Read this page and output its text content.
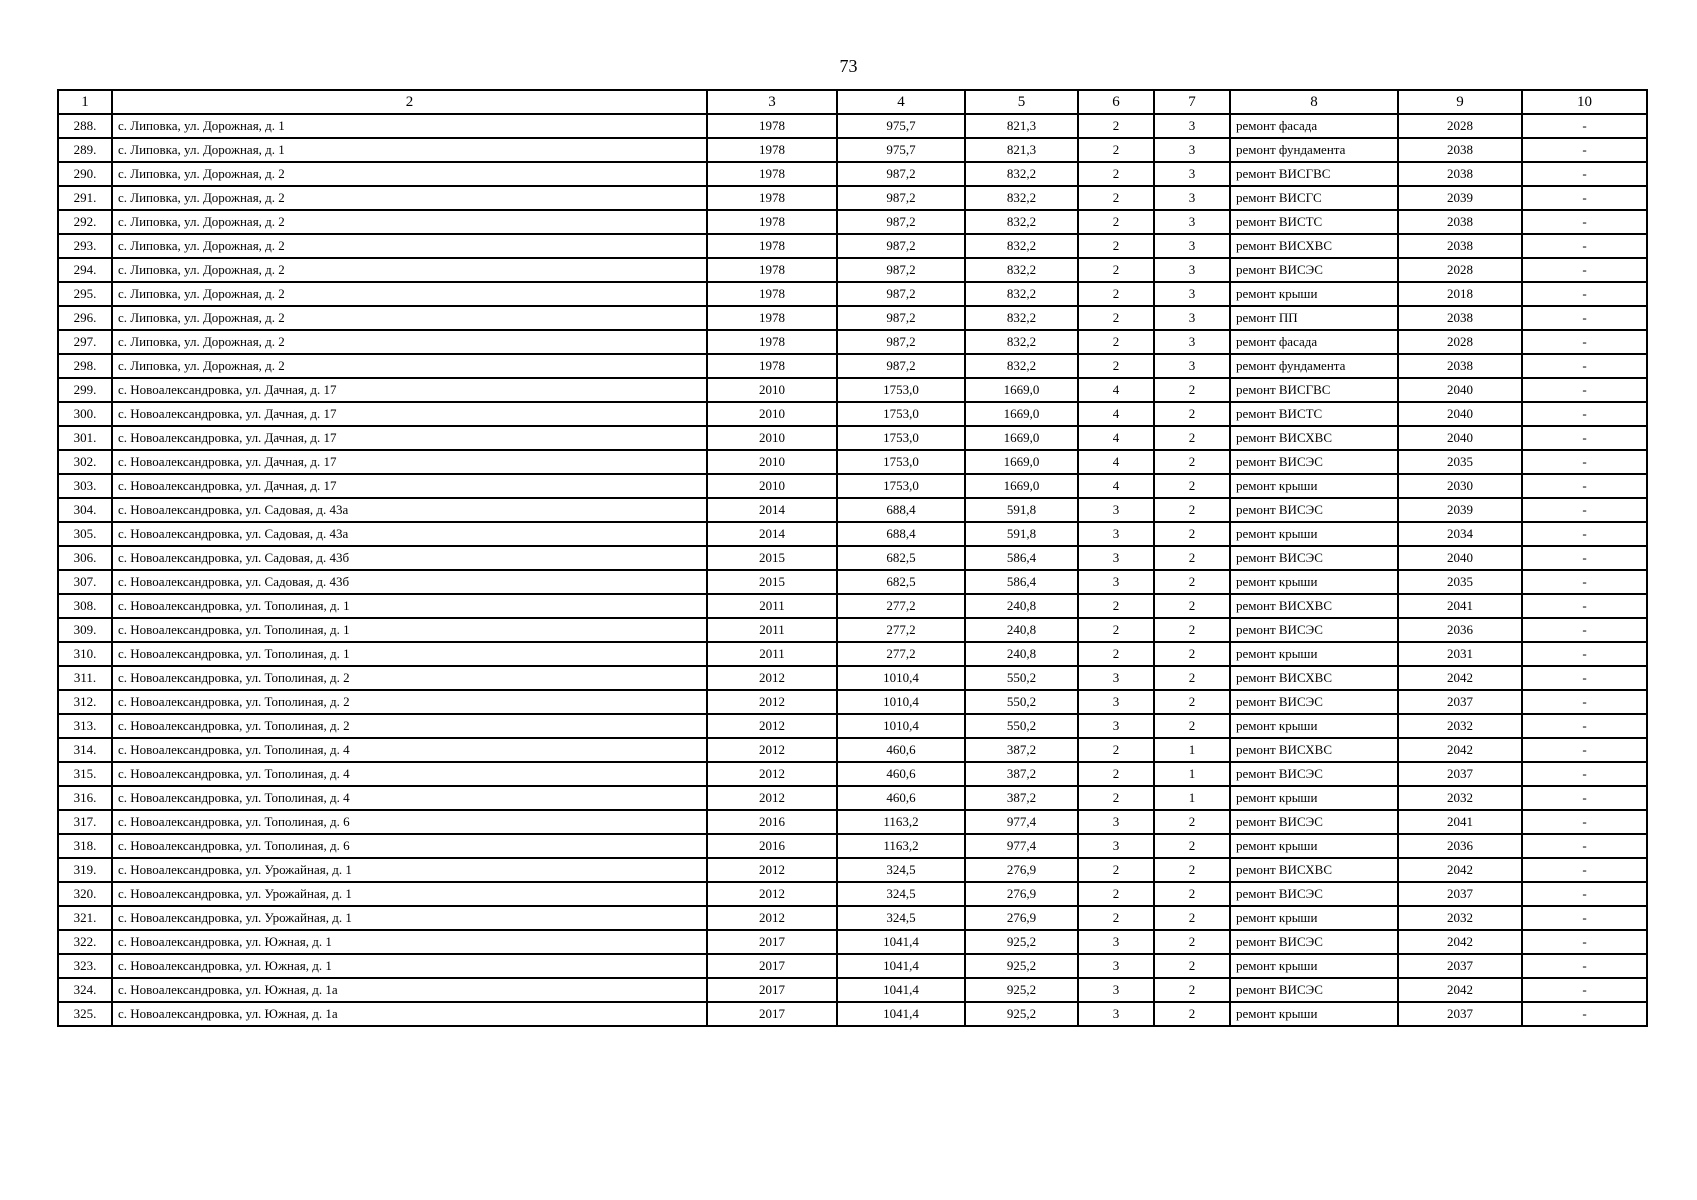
73
1	2	3	4	5	6	7	8	9	10
288.	с. Липовка, ул. Дорожная, д. 1	1978	975,7	821,3	2	3	ремонт фасада	2028	-
289.	с. Липовка, ул. Дорожная, д. 1	1978	975,7	821,3	2	3	ремонт фундамента	2038	-
290.	с. Липовка, ул. Дорожная, д. 2	1978	987,2	832,2	2	3	ремонт ВИСГВС	2038	-
291.	с. Липовка, ул. Дорожная, д. 2	1978	987,2	832,2	2	3	ремонт ВИСГС	2039	-
292.	с. Липовка, ул. Дорожная, д. 2	1978	987,2	832,2	2	3	ремонт ВИСТС	2038	-
293.	с. Липовка, ул. Дорожная, д. 2	1978	987,2	832,2	2	3	ремонт ВИСХВС	2038	-
294.	с. Липовка, ул. Дорожная, д. 2	1978	987,2	832,2	2	3	ремонт ВИСЭС	2028	-
295.	с. Липовка, ул. Дорожная, д. 2	1978	987,2	832,2	2	3	ремонт крыши	2018	-
296.	с. Липовка, ул. Дорожная, д. 2	1978	987,2	832,2	2	3	ремонт ПП	2038	-
297.	с. Липовка, ул. Дорожная, д. 2	1978	987,2	832,2	2	3	ремонт фасада	2028	-
298.	с. Липовка, ул. Дорожная, д. 2	1978	987,2	832,2	2	3	ремонт фундамента	2038	-
299.	с. Новоалександровка, ул. Дачная, д. 17	2010	1753,0	1669,0	4	2	ремонт ВИСГВС	2040	-
300.	с. Новоалександровка, ул. Дачная, д. 17	2010	1753,0	1669,0	4	2	ремонт ВИСТС	2040	-
301.	с. Новоалександровка, ул. Дачная, д. 17	2010	1753,0	1669,0	4	2	ремонт ВИСХВС	2040	-
302.	с. Новоалександровка, ул. Дачная, д. 17	2010	1753,0	1669,0	4	2	ремонт ВИСЭС	2035	-
303.	с. Новоалександровка, ул. Дачная, д. 17	2010	1753,0	1669,0	4	2	ремонт крыши	2030	-
304.	с. Новоалександровка, ул. Садовая, д. 43а	2014	688,4	591,8	3	2	ремонт ВИСЭС	2039	-
305.	с. Новоалександровка, ул. Садовая, д. 43а	2014	688,4	591,8	3	2	ремонт крыши	2034	-
306.	с. Новоалександровка, ул. Садовая, д. 43б	2015	682,5	586,4	3	2	ремонт ВИСЭС	2040	-
307.	с. Новоалександровка, ул. Садовая, д. 43б	2015	682,5	586,4	3	2	ремонт крыши	2035	-
308.	с. Новоалександровка, ул. Тополиная, д. 1	2011	277,2	240,8	2	2	ремонт ВИСХВС	2041	-
309.	с. Новоалександровка, ул. Тополиная, д. 1	2011	277,2	240,8	2	2	ремонт ВИСЭС	2036	-
310.	с. Новоалександровка, ул. Тополиная, д. 1	2011	277,2	240,8	2	2	ремонт крыши	2031	-
311.	с. Новоалександровка, ул. Тополиная, д. 2	2012	1010,4	550,2	3	2	ремонт ВИСХВС	2042	-
312.	с. Новоалександровка, ул. Тополиная, д. 2	2012	1010,4	550,2	3	2	ремонт ВИСЭС	2037	-
313.	с. Новоалександровка, ул. Тополиная, д. 2	2012	1010,4	550,2	3	2	ремонт крыши	2032	-
314.	с. Новоалександровка, ул. Тополиная, д. 4	2012	460,6	387,2	2	1	ремонт ВИСХВС	2042	-
315.	с. Новоалександровка, ул. Тополиная, д. 4	2012	460,6	387,2	2	1	ремонт ВИСЭС	2037	-
316.	с. Новоалександровка, ул. Тополиная, д. 4	2012	460,6	387,2	2	1	ремонт крыши	2032	-
317.	с. Новоалександровка, ул. Тополиная, д. 6	2016	1163,2	977,4	3	2	ремонт ВИСЭС	2041	-
318.	с. Новоалександровка, ул. Тополиная, д. 6	2016	1163,2	977,4	3	2	ремонт крыши	2036	-
319.	с. Новоалександровка, ул. Урожайная, д. 1	2012	324,5	276,9	2	2	ремонт ВИСХВС	2042	-
320.	с. Новоалександровка, ул. Урожайная, д. 1	2012	324,5	276,9	2	2	ремонт ВИСЭС	2037	-
321.	с. Новоалександровка, ул. Урожайная, д. 1	2012	324,5	276,9	2	2	ремонт крыши	2032	-
322.	с. Новоалександровка, ул. Южная, д. 1	2017	1041,4	925,2	3	2	ремонт ВИСЭС	2042	-
323.	с. Новоалександровка, ул. Южная, д. 1	2017	1041,4	925,2	3	2	ремонт крыши	2037	-
324.	с. Новоалександровка, ул. Южная, д. 1а	2017	1041,4	925,2	3	2	ремонт ВИСЭС	2042	-
325.	с. Новоалександровка, ул. Южная, д. 1а	2017	1041,4	925,2	3	2	ремонт крыши	2037	-
